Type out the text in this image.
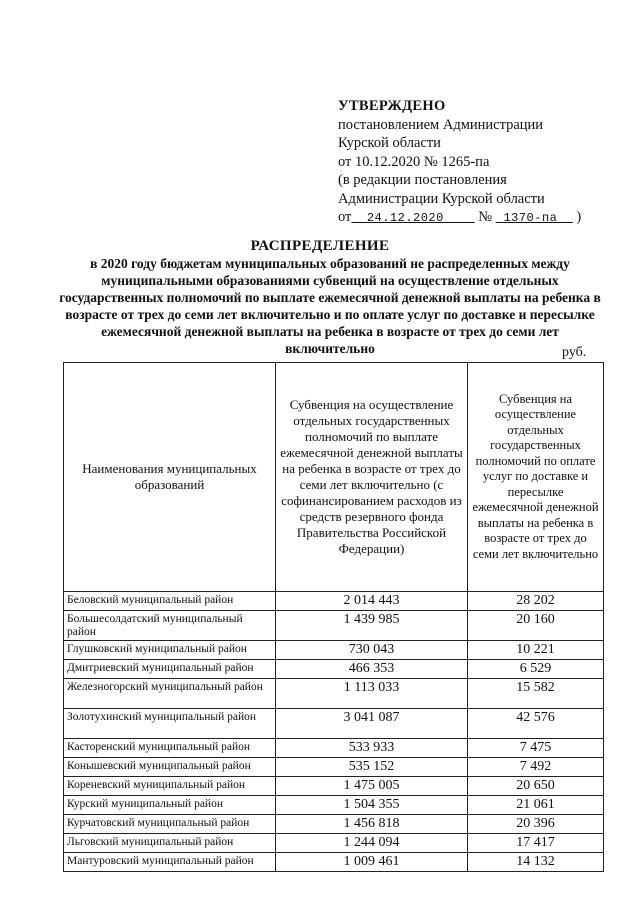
УТВЕРЖДЕНО
постановлением Администрации
Курской области
от 10.12.2020 № 1265-па
(в редакции постановления
Администрации Курской области
от 24.12.2020 № 1370-па )
РАСПРЕДЕЛЕНИЕ
в 2020 году бюджетам муниципальных образований не распределенных между муниципальными образованиями субвенций на осуществление отдельных государственных полномочий по выплате ежемесячной денежной выплаты на ребенка в возрасте от трех до семи лет включительно и по оплате услуг по доставке и пересылке ежемесячной денежной выплаты на ребенка в возрасте от трех до семи лет включительно	руб.
Наименования муниципальных образований	Субвенция на осуществление отдельных государственных полномочий по выплате ежемесячной денежной выплаты на ребенка в возрасте от трех до семи лет включительно (с софинансированием расходов из средств резервного фонда Правительства Российской Федерации)	Субвенция на осуществление отдельных государственных полномочий по оплате услуг по доставке и пересылке ежемесячной денежной выплаты на ребенка в возрасте от трех до семи лет включительно
Беловский муниципальный район	2 014 443	28 202
Большесолдатский муниципальный район	1 439 985	20 160
Глушковский муниципальный район	730 043	10 221
Дмитриевский муниципальный район	466 353	6 529
Железногорский муниципальный район	1 113 033	15 582
Золотухинский муниципальный район	3 041 087	42 576
Касторенский муниципальный район	533 933	7 475
Конышевский муниципальный район	535 152	7 492
Кореневский муниципальный район	1 475 005	20 650
Курский муниципальный район	1 504 355	21 061
Курчатовский муниципальный район	1 456 818	20 396
Льговский муниципальный район	1 244 094	17 417
Мантуровский муниципальный район	1 009 461	14 132
